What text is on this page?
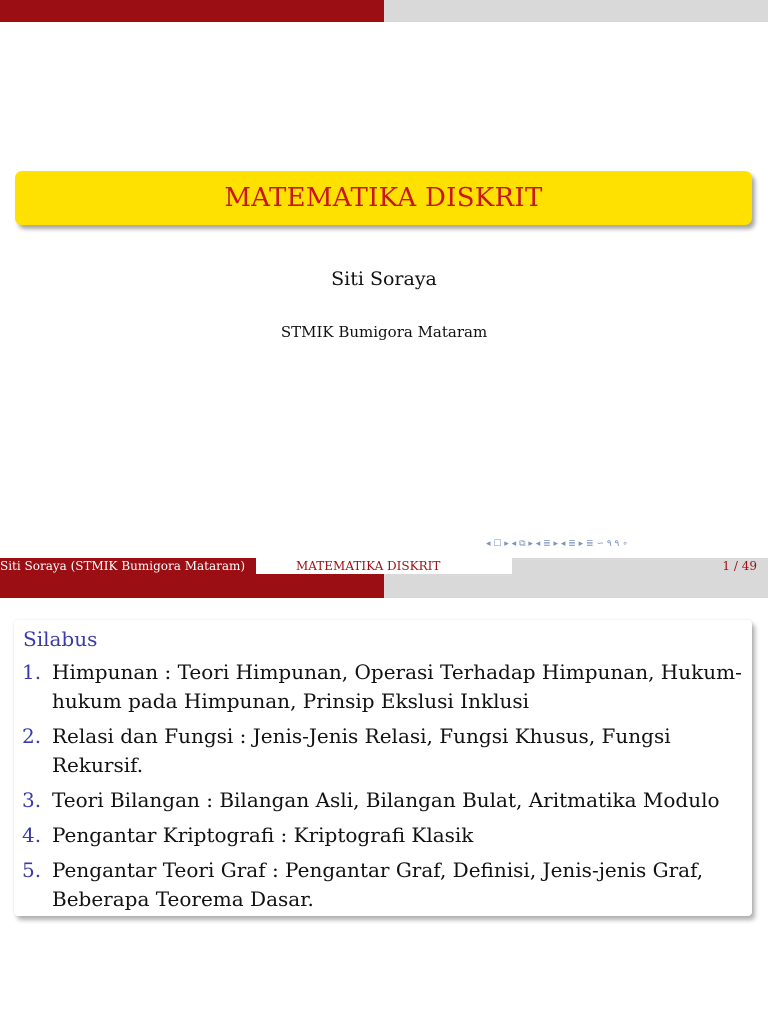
MATEMATIKA DISKRIT
Siti Soraya
STMIK Bumigora Mataram
◂ ☐ ▸ ◂ ⧉ ▸ ◂ ≣ ▸ ◂ ≣ ▸ ≣ ∽ ۹ ۹ ∘
Siti Soraya (STMIK Bumigora Mataram)	MATEMATIKA DISKRIT	1 / 49
1. Himpunan : Teori Himpunan, Operasi Terhadap Himpunan, Hukum-hukum pada Himpunan, Prinsip Ekslusi Inklusi
2. Relasi dan Fungsi : Jenis-Jenis Relasi, Fungsi Khusus, Fungsi Rekursif.
3. Teori Bilangan : Bilangan Asli, Bilangan Bulat, Aritmatika Modulo
4. Pengantar Kriptografi : Kriptografi Klasik
5. Pengantar Teori Graf : Pengantar Graf, Definisi, Jenis-jenis Graf, Beberapa Teorema Dasar.
Silabus
